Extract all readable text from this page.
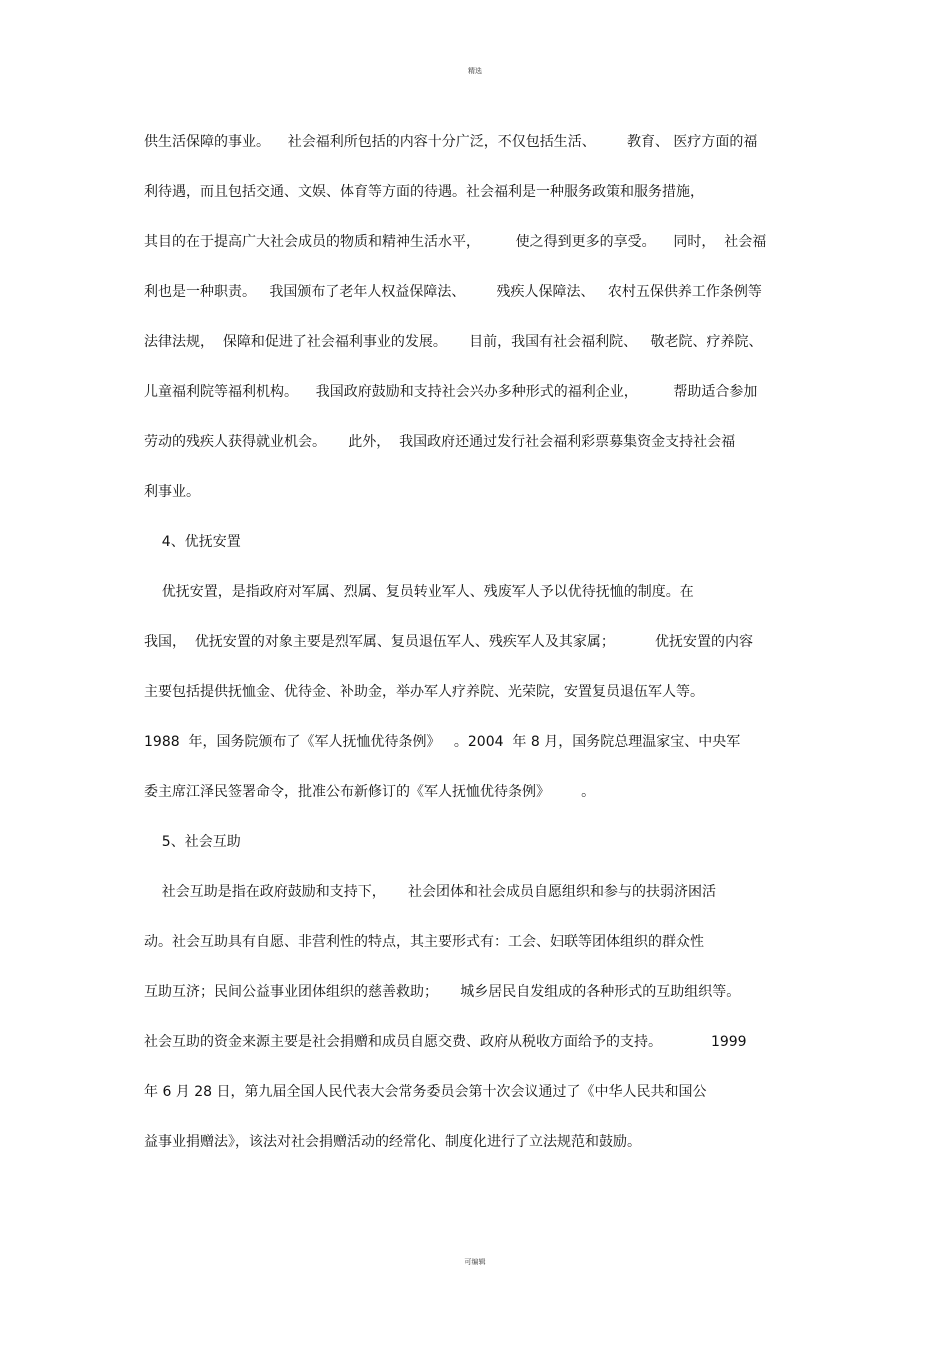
精选
供生活保障的事业。    社会福利所包括的内容十分广泛，不仅包括生活、       教育、 医疗方面的福
利待遇，而且包括交通、文娱、体育等方面的待遇。社会福利是一种服务政策和服务措施，
其目的在于提高广大社会成员的物质和精神生活水平，        使之得到更多的享受。    同时，  社会福
利也是一种职责。   我国颁布了老年人权益保障法、       残疾人保障法、   农村五保供养工作条例等
法律法规，  保障和促进了社会福利事业的发展。     目前，我国有社会福利院、   敬老院、疗养院、
儿童福利院等福利机构。    我国政府鼓励和支持社会兴办多种形式的福利企业，        帮助适合参加
劳动的残疾人获得就业机会。     此外，  我国政府还通过发行社会福利彩票募集资金支持社会福
利事业。
4、优抚安置
优抚安置，是指政府对军属、烈属、复员转业军人、残废军人予以优待抚恤的制度。在
我国，  优抚安置的对象主要是烈军属、复员退伍军人、残疾军人及其家属；         优抚安置的内容
主要包括提供抚恤金、优待金、补助金，举办军人疗养院、光荣院，安置复员退伍军人等。
1988  年，国务院颁布了《军人抚恤优待条例》   。2004  年 8 月，国务院总理温家宝、中央军
委主席江泽民签署命令，批准公布新修订的《军人抚恤优待条例》       。
5、社会互助
社会互助是指在政府鼓励和支持下，     社会团体和社会成员自愿组织和参与的扶弱济困活
动。社会互助具有自愿、非营利性的特点，其主要形式有：工会、妇联等团体组织的群众性
互助互济；民间公益事业团体组织的慈善救助；     城乡居民自发组成的各种形式的互助组织等。
社会互助的资金来源主要是社会捐赠和成员自愿交费、政府从税收方面给予的支持。           1999
年 6 月 28 日，第九届全国人民代表大会常务委员会第十次会议通过了《中华人民共和国公
益事业捐赠法》，该法对社会捐赠活动的经常化、制度化进行了立法规范和鼓励。
可编辑
